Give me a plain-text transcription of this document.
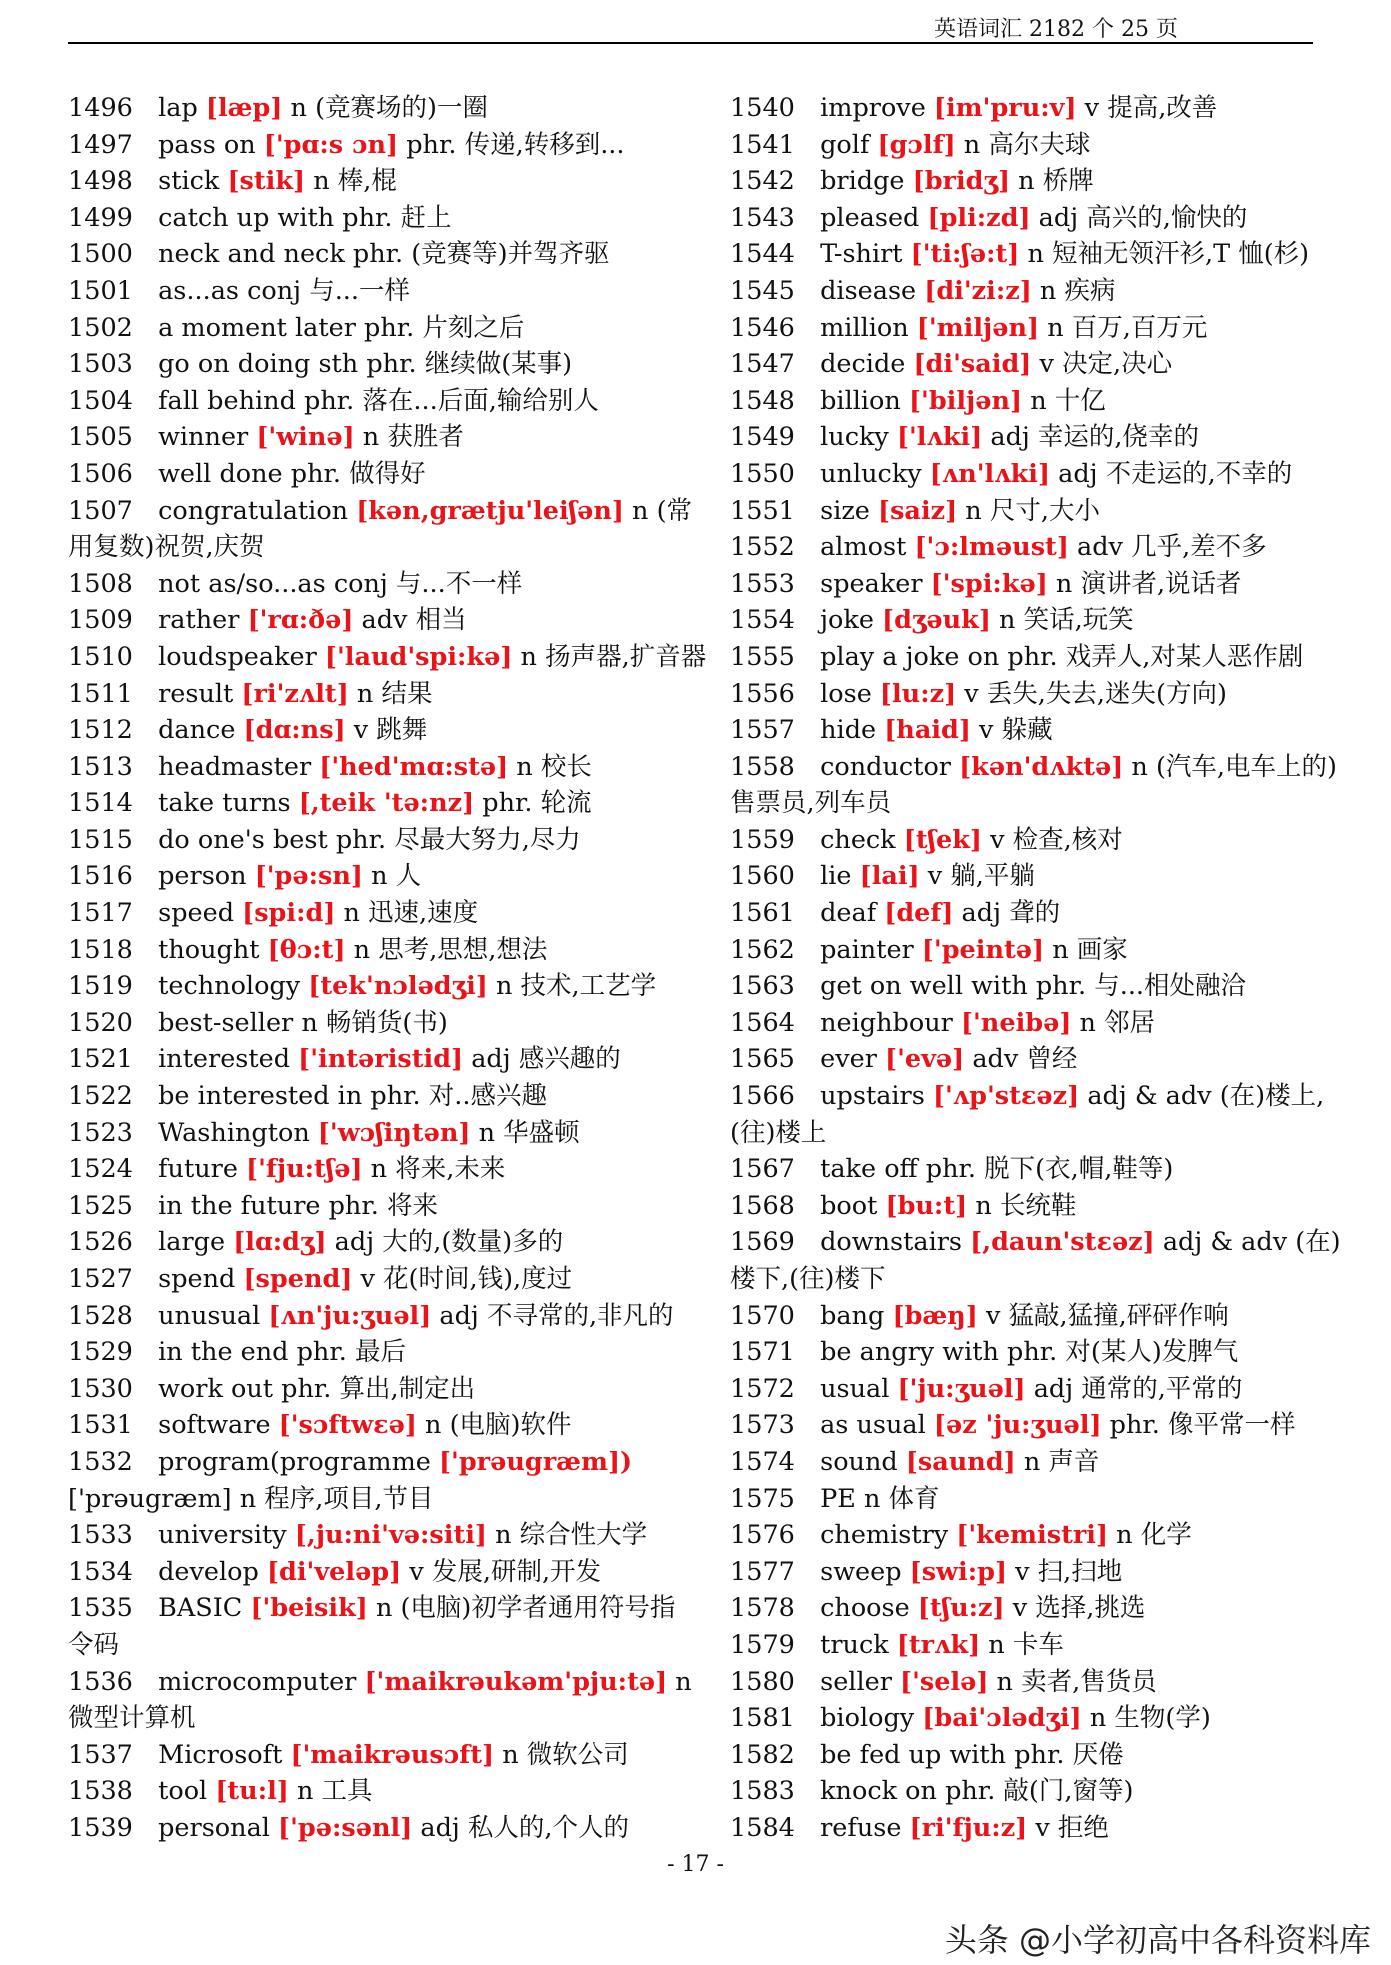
英语词汇 2182 个 25 页
1496 lap [læp] n (竞赛场的)一圈
1497 pass on ['pɑ:s ɔn] phr. 传递,转移到...
1498 stick [stik] n 棒,棍
1499 catch up with phr. 赶上
1500 neck and neck phr. (竞赛等)并驾齐驱
1501 as...as conj 与...一样
1502 a moment later phr. 片刻之后
1503 go on doing sth phr. 继续做(某事)
1504 fall behind phr. 落在...后面,输给别人
1505 winner ['winə] n 获胜者
1506 well done phr. 做得好
1507 congratulation [kən,grætju'leiʃən] n (常用复数)祝贺,庆贺
1508 not as/so...as conj 与...不一样
1509 rather ['rɑ:ðə] adv 相当
1510 loudspeaker ['laud'spi:kə] n 扬声器,扩音器
1511 result [ri'zʌlt] n 结果
1512 dance [dɑ:ns] v 跳舞
1513 headmaster ['hed'mɑ:stə] n 校长
1514 take turns [,teik 'tə:nz] phr. 轮流
1515 do one's best phr. 尽最大努力,尽力
1516 person ['pə:sn] n 人
1517 speed [spi:d] n 迅速,速度
1518 thought [θɔ:t] n 思考,思想,想法
1519 technology [tek'nɔlədʒi] n 技术,工艺学
1520 best-seller n 畅销货(书)
1521 interested ['intəristid] adj 感兴趣的
1522 be interested in phr. 对..感兴趣
1523 Washington ['wɔʃiŋtən] n 华盛顿
1524 future ['fju:tʃə] n 将来,未来
1525 in the future phr. 将来
1526 large [lɑ:dʒ] adj 大的,(数量)多的
1527 spend [spend] v 花(时间,钱),度过
1528 unusual [ʌn'ju:ʒuəl] adj 不寻常的,非凡的
1529 in the end phr. 最后
1530 work out phr. 算出,制定出
1531 software ['sɔftwɛə] n (电脑)软件
1532 program(programme ['prəugræm]) ['prəugræm] n 程序,项目,节目
1533 university [,ju:ni'və:siti] n 综合性大学
1534 develop [di'veləp] v 发展,研制,开发
1535 BASIC ['beisik] n (电脑)初学者通用符号指令码
1536 microcomputer ['maikrəukəm'pju:tə] n 微型计算机
1537 Microsoft ['maikrəusɔft] n 微软公司
1538 tool [tu:l] n 工具
1539 personal ['pə:sənl] adj 私人的,个人的
1540 improve [im'pru:v] v 提高,改善
1541 golf [gɔlf] n 高尔夫球
1542 bridge [bridʒ] n 桥牌
1543 pleased [pli:zd] adj 高兴的,愉快的
1544 T-shirt ['ti:ʃə:t] n 短袖无领汗衫,T 恤(杉)
1545 disease [di'zi:z] n 疾病
1546 million ['miljən] n 百万,百万元
1547 decide [di'said] v 决定,决心
1548 billion ['biljən] n 十亿
1549 lucky ['lʌki] adj 幸运的,侥幸的
1550 unlucky [ʌn'lʌki] adj 不走运的,不幸的
1551 size [saiz] n 尺寸,大小
1552 almost ['ɔ:lməust] adv 几乎,差不多
1553 speaker ['spi:kə] n 演讲者,说话者
1554 joke [dʒəuk] n 笑话,玩笑
1555 play a joke on phr. 戏弄人,对某人恶作剧
1556 lose [lu:z] v 丢失,失去,迷失(方向)
1557 hide [haid] v 躲藏
1558 conductor [kən'dʌktə] n (汽车,电车上的)售票员,列车员
1559 check [tʃek] v 检查,核对
1560 lie [lai] v 躺,平躺
1561 deaf [def] adj 聋的
1562 painter ['peintə] n 画家
1563 get on well with phr. 与...相处融洽
1564 neighbour ['neibə] n 邻居
1565 ever ['evə] adv 曾经
1566 upstairs ['ʌp'stɛəz] adj & adv (在)楼上,(往)楼上
1567 take off phr. 脱下(衣,帽,鞋等)
1568 boot [bu:t] n 长统鞋
1569 downstairs [,daun'stɛəz] adj & adv (在)楼下,(往)楼下
1570 bang [bæŋ] v 猛敲,猛撞,砰砰作响
1571 be angry with phr. 对(某人)发脾气
1572 usual ['ju:ʒuəl] adj 通常的,平常的
1573 as usual [əz 'ju:ʒuəl] phr. 像平常一样
1574 sound [saund] n 声音
1575 PE n 体育
1576 chemistry ['kemistri] n 化学
1577 sweep [swi:p] v 扫,扫地
1578 choose [tʃu:z] v 选择,挑选
1579 truck [trʌk] n 卡车
1580 seller ['selə] n 卖者,售货员
1581 biology [bai'ɔlədʒi] n 生物(学)
1582 be fed up with phr. 厌倦
1583 knock on phr. 敲(门,窗等)
1584 refuse [ri'fju:z] v 拒绝
- 17 -
头条 @小学初高中各科资料库
